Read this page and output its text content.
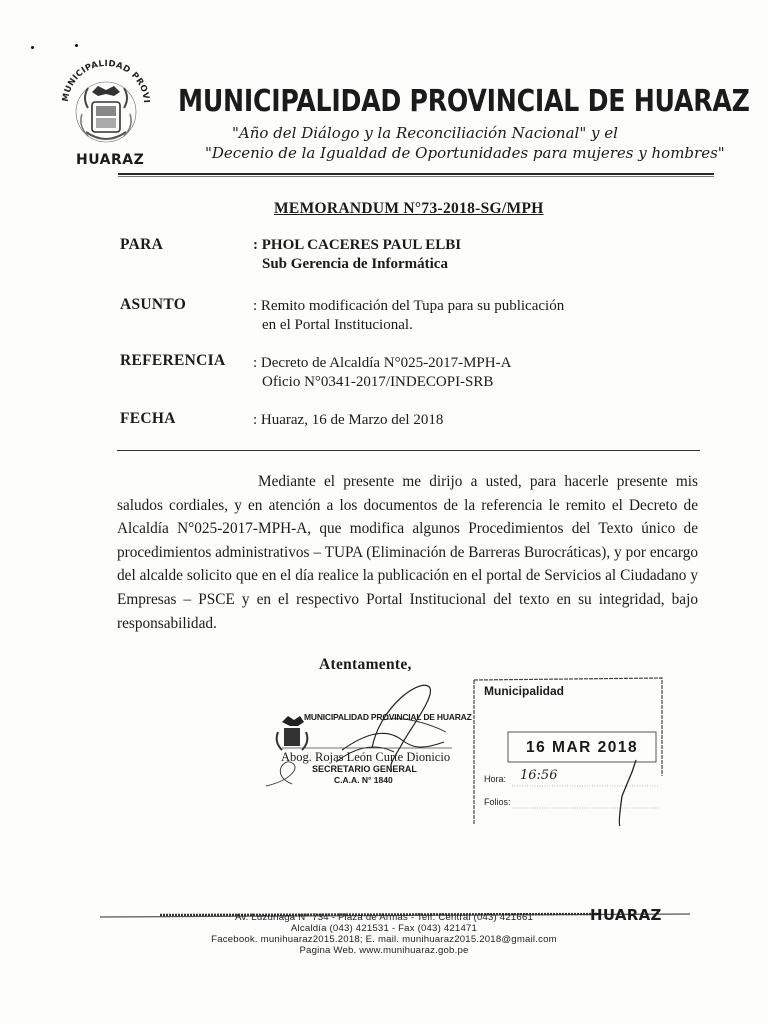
MUNICIPALIDAD PROVI
HUARAZ
MUNICIPALIDAD PROVINCIAL DE HUARAZ
"Año del Diálogo y la Reconciliación Nacional" y el
"Decenio de la Igualdad de Oportunidades para mujeres y hombres"
MEMORANDUM N°73-2018-SG/MPH
PARA	: PHOL CACERES PAUL ELBI
Sub Gerencia de Informática
ASUNTO	: Remito modificación del Tupa para su publicación
en el Portal Institucional.
REFERENCIA : Decreto de Alcaldía N°025-2017-MPH-A
Oficio N°0341-2017/INDECOPI-SRB
FECHA	: Huaraz, 16 de Marzo del 2018
Mediante el presente me dirijo a usted, para hacerle presente mis saludos cordiales, y en atención a los documentos de la referencia le remito el Decreto de Alcaldía N°025-2017-MPH-A, que modifica algunos Procedimientos del Texto único de procedimientos administrativos – TUPA (Eliminación de Barreras Burocráticas), y por encargo del alcalde solicito que en el día realice la publicación en el portal de Servicios al Ciudadano y Empresas – PSCE y en el respectivo Portal Institucional del texto en su integridad, bajo responsabilidad.
Atentamente,
MUNICIPALIDAD PROVINCIAL DE HUARAZ
Abog. Rojas León Curte Dionicio
SECRETARIO GENERAL
C.A.A. N° 1840
Municipalidad
16 MAR 2018
Hora: 16:56
Folios:
HUARAZ
Av. Luzuriaga N° 734 - Plaza de Armas - Telf. Central (043) 421661
Alcaldía (043) 421531 - Fax (043) 421471
Facebook. munihuaraz2015.2018; E. mail. munihuaraz2015.2018@gmail.com
Pagina Web. www.munihuaraz.gob.pe
